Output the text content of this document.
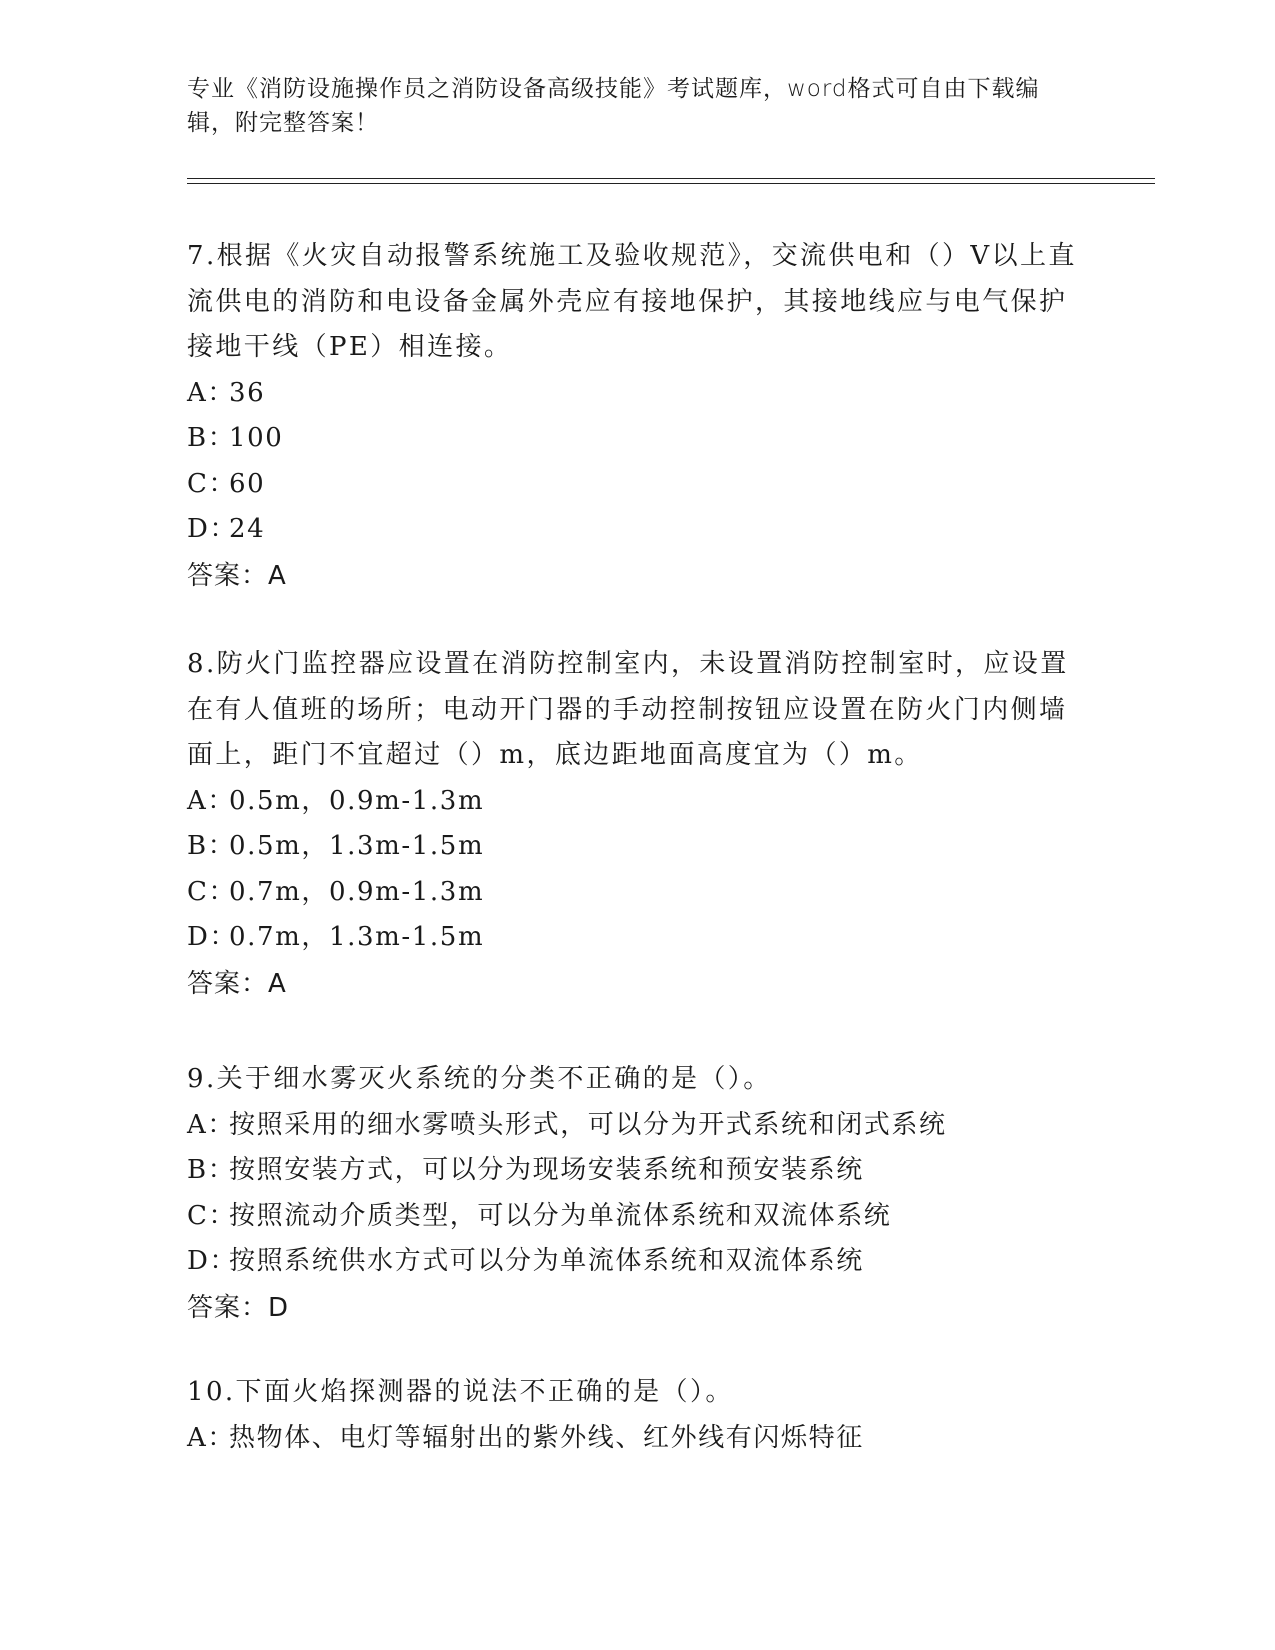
专业《消防设施操作员之消防设备高级技能》考试题库，word格式可自由下载编辑，附完整答案！

7.根据《火灾自动报警系统施工及验收规范》，交流供电和（）V以上直流供电的消防和电设备金属外壳应有接地保护，其接地线应与电气保护接地干线（PE）相连接。

A：36

B：100

C：60

D：24

答案：A

8.防火门监控器应设置在消防控制室内，未设置消防控制室时，应设置在有人值班的场所；电动开门器的手动控制按钮应设置在防火门内侧墙面上，距门不宜超过（）m，底边距地面高度宜为（）m。

A：0.5m，0.9m-1.3m

B：0.5m，1.3m-1.5m

C：0.7m，0.9m-1.3m

D：0.7m，1.3m-1.5m

答案：A

9.关于细水雾灭火系统的分类不正确的是（）。

A：按照采用的细水雾喷头形式，可以分为开式系统和闭式系统

B：按照安装方式，可以分为现场安装系统和预安装系统

C：按照流动介质类型，可以分为单流体系统和双流体系统

D：按照系统供水方式可以分为单流体系统和双流体系统

答案：D

10.下面火焰探测器的说法不正确的是（）。

A：热物体、电灯等辐射出的紫外线、红外线有闪烁特征
